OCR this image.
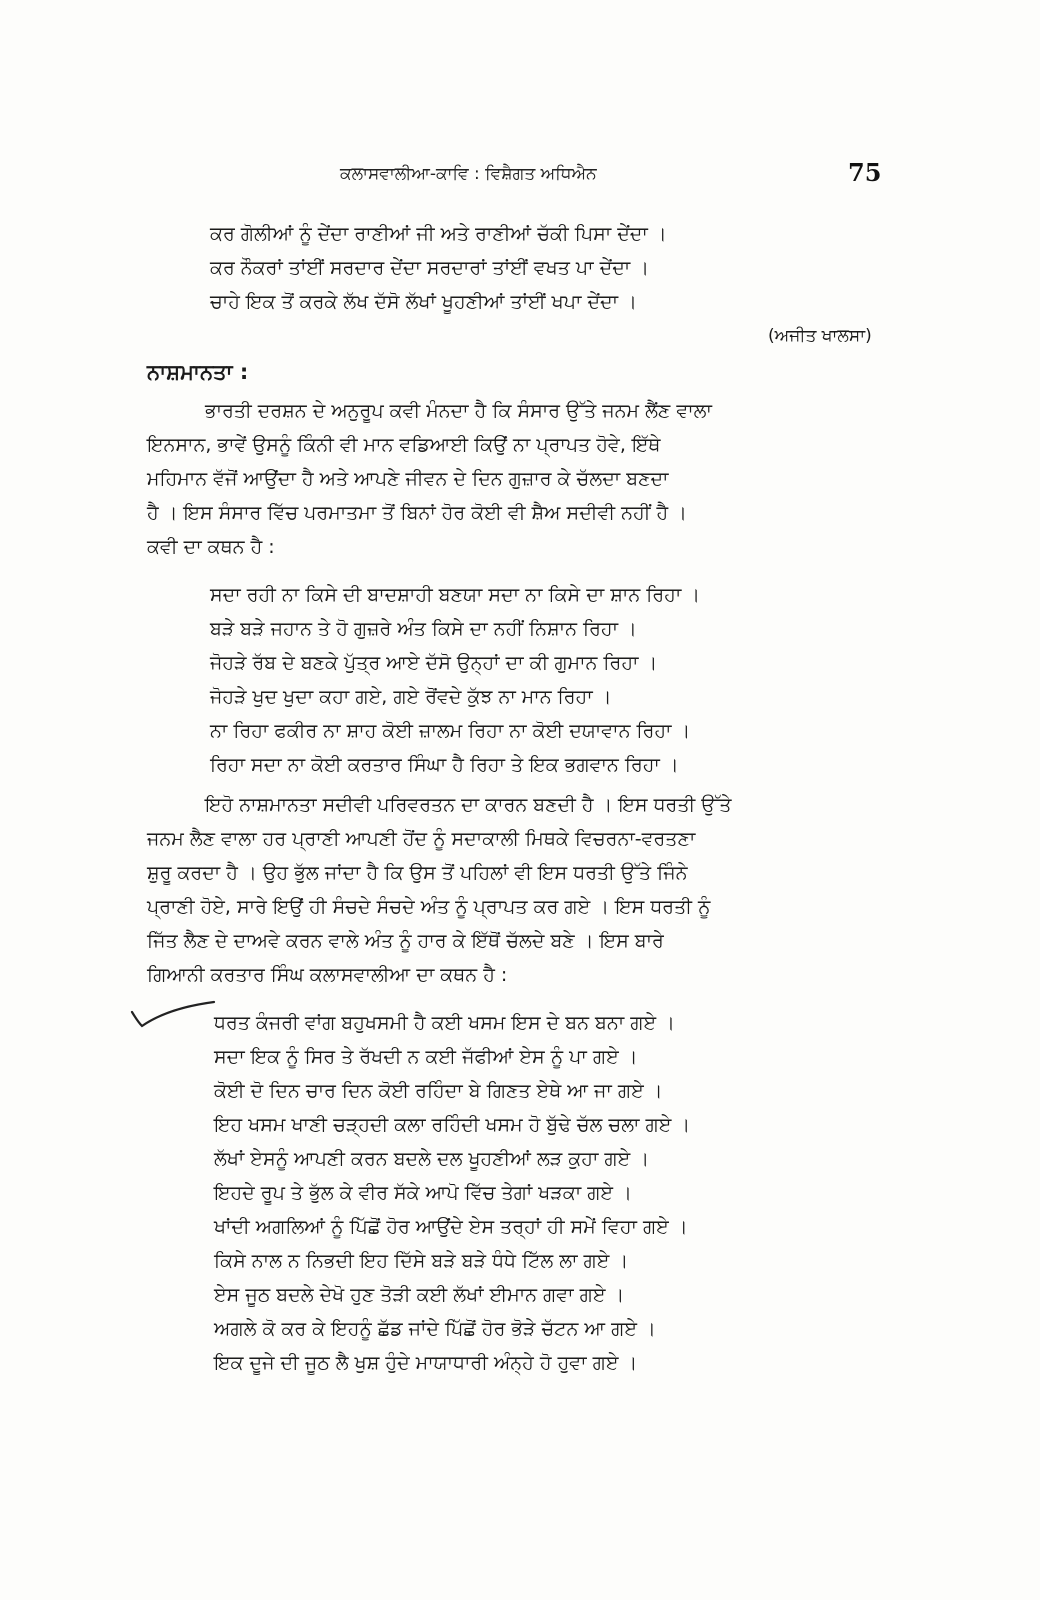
ਕਲਾਸਵਾਲੀਆ-ਕਾਵਿ : ਵਿਸ਼ੈਗਤ ਅਧਿਐਨ	75
ਕਰ ਗੋਲੀਆਂ ਨੂੰ ਦੇਂਦਾ ਰਾਣੀਆਂ ਜੀ ਅਤੇ ਰਾਣੀਆਂ ਚੱਕੀ ਪਿਸਾ ਦੇਂਦਾ ।
ਕਰ ਨੌਕਰਾਂ ਤਾਂਈਂ ਸਰਦਾਰ ਦੇਂਦਾ ਸਰਦਾਰਾਂ ਤਾਂਈਂ ਵਖਤ ਪਾ ਦੇਂਦਾ ।
ਚਾਹੇ ਇਕ ਤੋਂ ਕਰਕੇ ਲੱਖ ਦੱਸੋ ਲੱਖਾਂ ਖੂਹਣੀਆਂ ਤਾਂਈਂ ਖਪਾ ਦੇਂਦਾ ।
(ਅਜੀਤ ਖਾਲਸਾ)
ਨਾਸ਼ਮਾਨਤਾ :
ਭਾਰਤੀ ਦਰਸ਼ਨ ਦੇ ਅਨੁਰੂਪ ਕਵੀ ਮੰਨਦਾ ਹੈ ਕਿ ਸੰਸਾਰ ਉੱਤੇ ਜਨਮ ਲੈਂਣ ਵਾਲਾ
ਇਨਸਾਨ, ਭਾਵੇਂ ਉਸਨੂੰ ਕਿੰਨੀ ਵੀ ਮਾਨ ਵਡਿਆਈ ਕਿਉਂ ਨਾ ਪ੍ਰਾਪਤ ਹੋਵੇ, ਇੱਥੇ
ਮਹਿਮਾਨ ਵੱਜੋਂ ਆਉਂਦਾ ਹੈ ਅਤੇ ਆਪਣੇ ਜੀਵਨ ਦੇ ਦਿਨ ਗੁਜ਼ਾਰ ਕੇ ਚੱਲਦਾ ਬਣਦਾ
ਹੈ । ਇਸ ਸੰਸਾਰ ਵਿੱਚ ਪਰਮਾਤਮਾ ਤੋਂ ਬਿਨਾਂ ਹੋਰ ਕੋਈ ਵੀ ਸ਼ੈਅ ਸਦੀਵੀ ਨਹੀਂ ਹੈ ।
ਕਵੀ ਦਾ ਕਥਨ ਹੈ :
ਸਦਾ ਰਹੀ ਨਾ ਕਿਸੇ ਦੀ ਬਾਦਸ਼ਾਹੀ ਬਣਯਾ ਸਦਾ ਨਾ ਕਿਸੇ ਦਾ ਸ਼ਾਨ ਰਿਹਾ ।
ਬੜੇ ਬੜੇ ਜਹਾਨ ਤੇ ਹੋ ਗੁਜ਼ਰੇ ਅੰਤ ਕਿਸੇ ਦਾ ਨਹੀਂ ਨਿਸ਼ਾਨ ਰਿਹਾ ।
ਜੋਹੜੇ ਰੱਬ ਦੇ ਬਣਕੇ ਪੁੱਤ੍ਰ ਆਏ ਦੱਸੋ ਉਨ੍ਹਾਂ ਦਾ ਕੀ ਗੁਮਾਨ ਰਿਹਾ ।
ਜੋਹੜੇ ਖੁਦ ਖੁਦਾ ਕਹਾ ਗਏ, ਗਏ ਰੋਂਵਦੇ ਕੁੱਝ ਨਾ ਮਾਨ ਰਿਹਾ ।
ਨਾ ਰਿਹਾ ਫਕੀਰ ਨਾ ਸ਼ਾਹ ਕੋਈ ਜ਼ਾਲਮ ਰਿਹਾ ਨਾ ਕੋਈ ਦਯਾਵਾਨ ਰਿਹਾ ।
ਰਿਹਾ ਸਦਾ ਨਾ ਕੋਈ ਕਰਤਾਰ ਸਿੰਘਾ ਹੈ ਰਿਹਾ ਤੇ ਇਕ ਭਗਵਾਨ ਰਿਹਾ ।
ਇਹੋ ਨਾਸ਼ਮਾਨਤਾ ਸਦੀਵੀ ਪਰਿਵਰਤਨ ਦਾ ਕਾਰਨ ਬਣਦੀ ਹੈ । ਇਸ ਧਰਤੀ ਉੱਤੇ
ਜਨਮ ਲੈਣ ਵਾਲਾ ਹਰ ਪ੍ਰਾਣੀ ਆਪਣੀ ਹੋਂਦ ਨੂੰ ਸਦਾਕਾਲੀ ਮਿਥਕੇ ਵਿਚਰਨਾ-ਵਰਤਣਾ
ਸ਼ੁਰੂ ਕਰਦਾ ਹੈ । ਉਹ ਭੁੱਲ ਜਾਂਦਾ ਹੈ ਕਿ ਉਸ ਤੋਂ ਪਹਿਲਾਂ ਵੀ ਇਸ ਧਰਤੀ ਉੱਤੇ ਜਿੰਨੇ
ਪ੍ਰਾਣੀ ਹੋਏ, ਸਾਰੇ ਇਉਂ ਹੀ ਸੰਚਦੇ ਸੰਚਦੇ ਅੰਤ ਨੂੰ ਪ੍ਰਾਪਤ ਕਰ ਗਏ । ਇਸ ਧਰਤੀ ਨੂੰ
ਜਿੱਤ ਲੈਣ ਦੇ ਦਾਅਵੇ ਕਰਨ ਵਾਲੇ ਅੰਤ ਨੂੰ ਹਾਰ ਕੇ ਇੱਥੋਂ ਚੱਲਦੇ ਬਣੇ । ਇਸ ਬਾਰੇ
ਗਿਆਨੀ ਕਰਤਾਰ ਸਿੰਘ ਕਲਾਸਵਾਲੀਆ ਦਾ ਕਥਨ ਹੈ :
ਧਰਤ ਕੰਜਰੀ ਵਾਂਗ ਬਹੁਖਸਮੀ ਹੈ ਕਈ ਖਸਮ ਇਸ ਦੇ ਬਨ ਬਨਾ ਗਏ ।
ਸਦਾ ਇਕ ਨੂੰ ਸਿਰ ਤੇ ਰੱਖਦੀ ਨ ਕਈ ਜੱਫੀਆਂ ਏਸ ਨੂੰ ਪਾ ਗਏ ।
ਕੋਈ ਦੋ ਦਿਨ ਚਾਰ ਦਿਨ ਕੋਈ ਰਹਿੰਦਾ ਬੇ ਗਿਣਤ ਏਥੇ ਆ ਜਾ ਗਏ ।
ਇਹ ਖਸਮ ਖਾਣੀ ਚੜ੍ਹਦੀ ਕਲਾ ਰਹਿੰਦੀ ਖਸਮ ਹੋ ਬੁੱਢੇ ਚੱਲ ਚਲਾ ਗਏ ।
ਲੱਖਾਂ ਏਸਨੂੰ ਆਪਣੀ ਕਰਨ ਬਦਲੇ ਦਲ ਖੂਹਣੀਆਂ ਲੜ ਕੁਹਾ ਗਏ ।
ਇਹਦੇ ਰੂਪ ਤੇ ਭੁੱਲ ਕੇ ਵੀਰ ਸੱਕੇ ਆਪੋ ਵਿੱਚ ਤੇਗਾਂ ਖੜਕਾ ਗਏ ।
ਖਾਂਦੀ ਅਗਲਿਆਂ ਨੂੰ ਪਿੱਛੋਂ ਹੋਰ ਆਉਂਦੇ ਏਸ ਤਰ੍ਹਾਂ ਹੀ ਸਮੇਂ ਵਿਹਾ ਗਏ ।
ਕਿਸੇ ਨਾਲ ਨ ਨਿਭਦੀ ਇਹ ਦਿੱਸੇ ਬੜੇ ਬੜੇ ਧੰਧੇ ਟਿੱਲ ਲਾ ਗਏ ।
ਏਸ ਜੂਠ ਬਦਲੇ ਦੇਖੋ ਹੁਣ ਤੋੜੀ ਕਈ ਲੱਖਾਂ ਈਮਾਨ ਗਵਾ ਗਏ ।
ਅਗਲੇ ਕੋ ਕਰ ਕੇ ਇਹਨੂੰ ਛੱਡ ਜਾਂਦੇ ਪਿੱਛੋਂ ਹੋਰ ਭੋੜੇ ਚੱਟਨ ਆ ਗਏ ।
ਇਕ ਦੂਜੇ ਦੀ ਜੂਠ ਲੈ ਖੁਸ਼ ਹੁੰਦੇ ਮਾਯਾਧਾਰੀ ਅੰਨ੍ਹੇ ਹੋ ਹੁਵਾ ਗਏ ।
